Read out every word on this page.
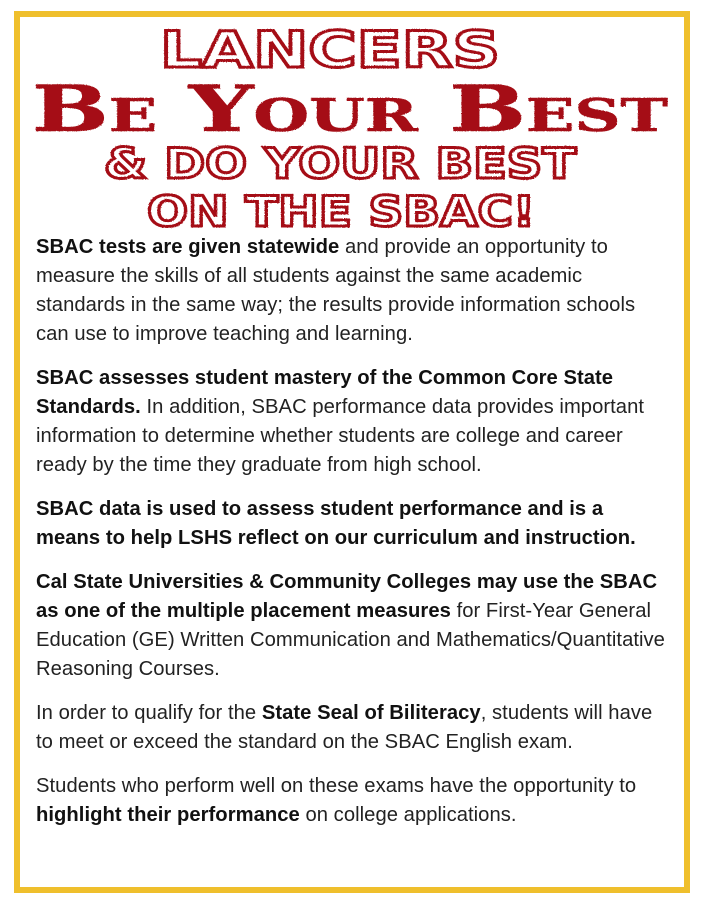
LANCERS
Be Your Best
& DO YOUR BEST
ON THE SBAC!

SBAC tests are given statewide and provide an opportunity to measure the skills of all students against the same academic standards in the same way; the results provide information schools can use to improve teaching and learning.

SBAC assesses student mastery of the Common Core State Standards. In addition, SBAC performance data provides important information to determine whether students are college and career ready by the time they graduate from high school.

SBAC data is used to assess student performance and is a means to help LSHS reflect on our curriculum and instruction.

Cal State Universities & Community Colleges may use the SBAC as one of the multiple placement measures for First-Year General Education (GE) Written Communication and Mathematics/Quantitative Reasoning Courses.

In order to qualify for the State Seal of Biliteracy, students will have to meet or exceed the standard on the SBAC English exam.

Students who perform well on these exams have the opportunity to highlight their performance on college applications.
